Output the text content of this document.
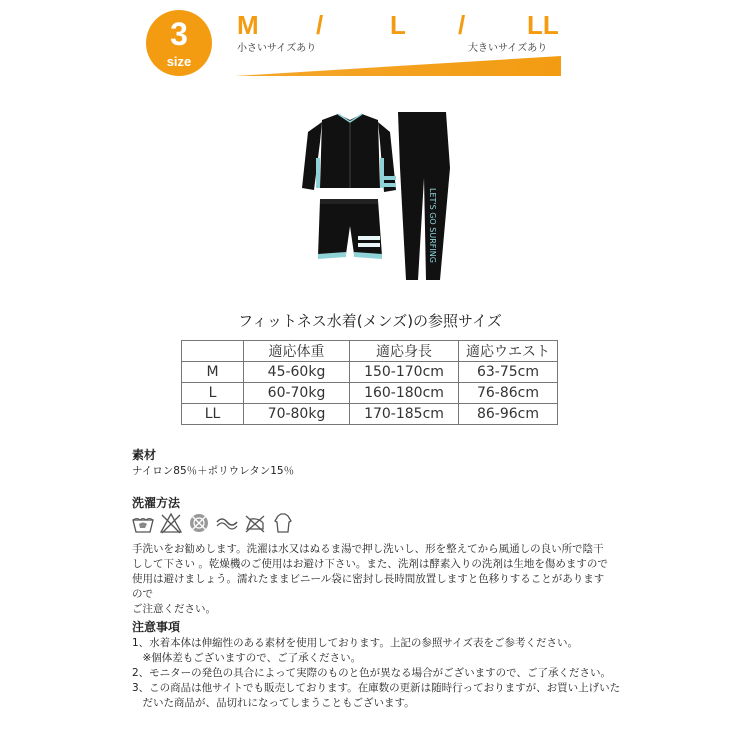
3
size
M /	L / LL
小さいサイズあり	大きいサイズあり
LET'S GO SURFING
フィットネス水着(メンズ)の参照サイズ
	適応体重	適応身長	適応ウエスト
M	45-60kg	150-170cm	63-75cm
L	60-70kg	160-180cm	76-86cm
LL	70-80kg	170-185cm	86-96cm
素材
ナイロン85％＋ポリウレタン15％
洗濯方法
手洗いをお勧めします。洗濯は水又はぬるま湯で押し洗いし、形を整えてから風通しの良い所で陰干
しして下さい 。乾燥機のご使用はお避け下さい。また、洗剤は酵素入りの洗剤は生地を傷めますので
使用は避けましょう。濡れたままビニール袋に密封し長時間放置しますと色移りすることがありますので
ご注意ください。
注意事項
1、水着本体は伸縮性のある素材を使用しております。上記の参照サイズ表をご参考ください。
　※個体差もございますので、ご了承ください。
2、モニターの発色の具合によって実際のものと色が異なる場合がございますので、ご了承ください。
3、この商品は他サイトでも販売しております。在庫数の更新は随時行っておりますが、お買い上げいた
　だいた商品が、品切れになってしまうこともございます。
